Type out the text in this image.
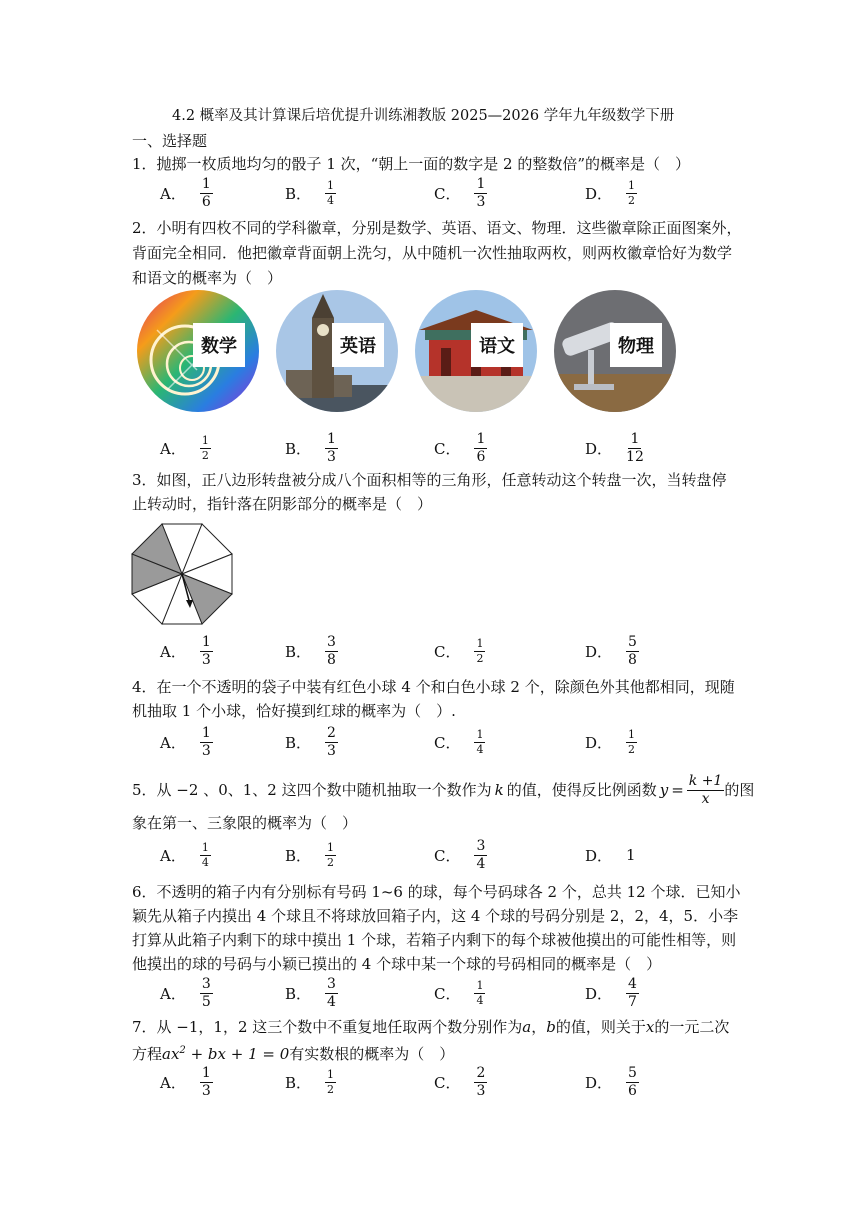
4.2 概率及其计算课后培优提升训练湘教版 2025—2026 学年九年级数学下册
一、选择题
1．抛掷一枚质地均匀的骰子 1 次，“朝上一面的数字是 2 的整数倍”的概率是（　）
A． $\frac{1}{6}$	B． $\frac{1}{4}$	C． $\frac{1}{3}$	D． $\frac{1}{2}$
2．小明有四枚不同的学科徽章，分别是数学、英语、语文、物理．这些徽章除正面图案外，
背面完全相同．他把徽章背面朝上洗匀，从中随机一次性抽取两枚，则两枚徽章恰好为数学
和语文的概率为（　）
数学	英语	语文	物理
A． $\frac{1}{2}$	B． $\frac{1}{3}$	C． $\frac{1}{6}$	D． $\frac{1}{12}$
3．如图，正八边形转盘被分成八个面积相等的三角形，任意转动这个转盘一次，当转盘停
止转动时，指针落在阴影部分的概率是（　）
A． $\frac{1}{3}$	B． $\frac{3}{8}$	C． $\frac{1}{2}$	D． $\frac{5}{8}$
4．在一个不透明的袋子中装有红色小球 4 个和白色小球 2 个，除颜色外其他都相同，现随
机抽取 1 个小球，恰好摸到红球的概率为（　）.
A． $\frac{1}{3}$	B． $\frac{2}{3}$	C． $\frac{1}{4}$	D． $\frac{1}{2}$
5．从 −2 、0、1、2 这四个数中随机抽取一个数作为 k 的值，使得反比例函数 $y = \frac{k +1}{x}$ 的图
象在第一、三象限的概率为（　）
A． $\frac{1}{4}$	B． $\frac{1}{2}$	C． $\frac{3}{4}$	D． 1
6．不透明的箱子内有分别标有号码 1~6 的球，每个号码球各 2 个，总共 12 个球．已知小
颖先从箱子内摸出 4 个球且不将球放回箱子内，这 4 个球的号码分别是 2，2，4，5．小李
打算从此箱子内剩下的球中摸出 1 个球，若箱子内剩下的每个球被他摸出的可能性相等，则
他摸出的球的号码与小颖已摸出的 4 个球中某一个球的号码相同的概率是（　）
A． $\frac{3}{5}$	B． $\frac{3}{4}$	C． $\frac{1}{4}$	D． $\frac{4}{7}$
7．从 −1，1，2 这三个数中不重复地任取两个数分别作为a，b的值，则关于x的一元二次
方程$ax^2$ + bx + 1 = 0有实数根的概率为（　）
A． $\frac{1}{3}$	B． $\frac{1}{2}$	C． $\frac{2}{3}$	D． $\frac{5}{6}$
